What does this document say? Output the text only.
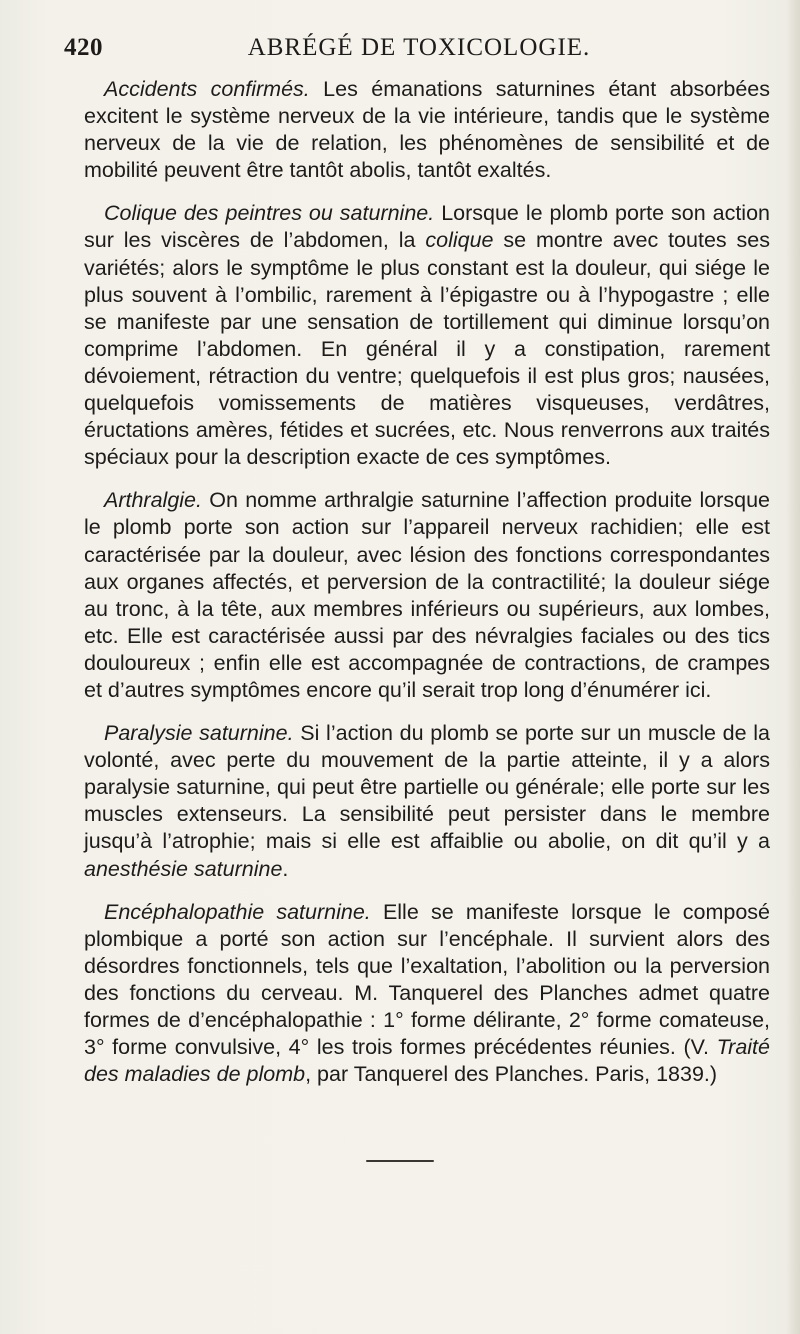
420	ABRÉGÉ DE TOXICOLOGIE.

Accidents confirmés. Les émanations saturnines étant absorbées excitent le système nerveux de la vie intérieure, tandis que le système nerveux de la vie de relation, les phénomènes de sensibilité et de mobilité peuvent être tantôt abolis, tantôt exaltés.

Colique des peintres ou saturnine. Lorsque le plomb porte son action sur les viscères de l’abdomen, la colique se montre avec toutes ses variétés; alors le symptôme le plus constant est la douleur, qui siége le plus souvent à l’ombilic, rarement à l’épigastre ou à l’hypogastre ; elle se manifeste par une sensation de tortillement qui diminue lorsqu’on comprime l’abdomen. En général il y a constipation, rarement dévoiement, rétraction du ventre; quelquefois il est plus gros; nausées, quelquefois vomissements de matières visqueuses, verdâtres, éructations amères, fétides et sucrées, etc. Nous renverrons aux traités spéciaux pour la description exacte de ces symptômes.

Arthralgie. On nomme arthralgie saturnine l’affection produite lorsque le plomb porte son action sur l’appareil nerveux rachidien; elle est caractérisée par la douleur, avec lésion des fonctions correspondantes aux organes affectés, et perversion de la contractilité; la douleur siége au tronc, à la tête, aux membres inférieurs ou supérieurs, aux lombes, etc. Elle est caractérisée aussi par des névralgies faciales ou des tics douloureux ; enfin elle est accompagnée de contractions, de crampes et d’autres symptômes encore qu’il serait trop long d’énumérer ici.

Paralysie saturnine. Si l’action du plomb se porte sur un muscle de la volonté, avec perte du mouvement de la partie atteinte, il y a alors paralysie saturnine, qui peut être partielle ou générale; elle porte sur les muscles extenseurs. La sensibilité peut persister dans le membre jusqu’à l’atrophie; mais si elle est affaiblie ou abolie, on dit qu’il y a anesthésie saturnine.

Encéphalopathie saturnine. Elle se manifeste lorsque le composé plombique a porté son action sur l’encéphale. Il survient alors des désordres fonctionnels, tels que l’exaltation, l’abolition ou la perversion des fonctions du cerveau. M. Tanquerel des Planches admet quatre formes de d’encéphalopathie : 1° forme délirante, 2° forme comateuse, 3° forme convulsive, 4° les trois formes précédentes réunies. (V. Traité des maladies de plomb, par Tanquerel des Planches. Paris, 1839.)
